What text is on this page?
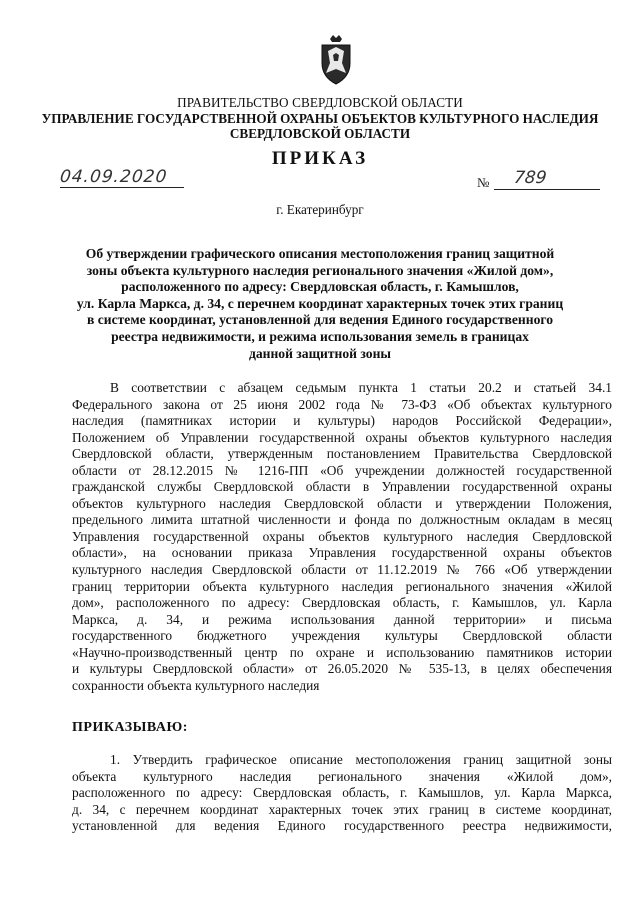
ПРАВИТЕЛЬСТВО СВЕРДЛОВСКОЙ ОБЛАСТИ
УПРАВЛЕНИЕ ГОСУДАРСТВЕННОЙ ОХРАНЫ ОБЪЕКТОВ КУЛЬТУРНОГО НАСЛЕДИЯ
СВЕРДЛОВСКОЙ ОБЛАСТИ
ПРИКАЗ
04.09.2020	№ 789
г. Екатеринбург
Об утверждении графического описания местоположения границ защитной
зоны объекта культурного наследия регионального значения «Жилой дом»,
расположенного по адресу: Свердловская область, г. Камышлов,
ул. Карла Маркса, д. 34, с перечнем координат характерных точек этих границ
в системе координат, установленной для ведения Единого государственного
реестра недвижимости, и режима использования земель в границах
данной защитной зоны
В соответствии с абзацем седьмым пункта 1 статьи 20.2 и статьей 34.1
Федерального закона от 25 июня 2002 года № 73-ФЗ «Об объектах культурного
наследия (памятниках истории и культуры) народов Российской Федерации»,
Положением об Управлении государственной охраны объектов культурного наследия
Свердловской области, утвержденным постановлением Правительства Свердловской
области от 28.12.2015 № 1216-ПП «Об учреждении должностей государственной
гражданской службы Свердловской области в Управлении государственной охраны
объектов культурного наследия Свердловской области и утверждении Положения,
предельного лимита штатной численности и фонда по должностным окладам в месяц
Управления государственной охраны объектов культурного наследия Свердловской
области», на основании приказа Управления государственной охраны объектов
культурного наследия Свердловской области от 11.12.2019 № 766 «Об утверждении
границ территории объекта культурного наследия регионального значения «Жилой
дом», расположенного по адресу: Свердловская область, г. Камышлов, ул. Карла
Маркса, д. 34, и режима использования данной территории» и письма
государственного бюджетного учреждения культуры Свердловской области
«Научно-производственный центр по охране и использованию памятников истории
и культуры Свердловской области» от 26.05.2020 № 535-13, в целях обеспечения
сохранности объекта культурного наследия
ПРИКАЗЫВАЮ:
1. Утвердить графическое описание местоположения границ защитной зоны
объекта культурного наследия регионального значения «Жилой дом»,
расположенного по адресу: Свердловская область, г. Камышлов, ул. Карла Маркса,
д. 34, с перечнем координат характерных точек этих границ в системе координат,
установленной для ведения Единого государственного реестра недвижимости,
